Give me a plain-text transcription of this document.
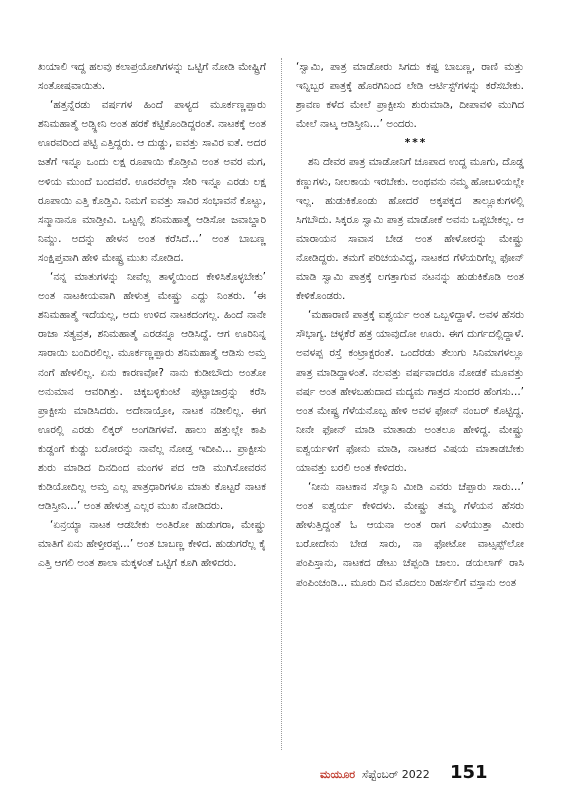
ಖಯಾಲಿ ಇದ್ದ ಹಲವು ಕಲಾಪ್ರಯೋಗಿಗಳನ್ನು ಒಟ್ಟಿಗೆ ನೋಡಿ ಮೇಷ್ಟ್ರಿಗೆ ಸಂತೋಷವಾಯಿತು.

‘ಹತ್ತನ್ನೆರಡು ವರ್ಷಗಳ ಹಿಂದೆ ಪಾಳ್ಯದ ಮೂರ್ಕಣ್ಣಪ್ಪಾರು ಶನಿಮಹಾತ್ಮೆ ಅಡ್ಸ್ದೀನಿ ಅಂತ ಹರಕೆ ಕಟ್ಟಿಕೊಂಡಿದ್ದರಂತೆ. ನಾಟಕಕ್ಕೆ ಅಂತ ಊರವರಿಂದ ಪಟ್ಟಿ ಎತ್ತಿದ್ದರು. ಆ ದುಡ್ಡು, ಐವತ್ತು ಸಾವಿರ ಐತೆ. ಅದರ ಜತೆಗೆ ಇನ್ನೂ ಒಂದು ಲಕ್ಷ ರೂಪಾಯಿ ಕೊಡ್ತೀವಿ ಅಂತ ಅವರ ಮಗ, ಅಳಿಯ ಮುಂದೆ ಬಂದವರೆ. ಊರವರೆಲ್ಲಾ ಸೇರಿ ಇನ್ನೂ ಎರಡು ಲಕ್ಷ ರೂಪಾಯಿ ಎತ್ತಿ ಕೊಡ್ತಿವಿ. ನಿಮಗೆ ಐವತ್ತು ಸಾವಿರ ಸಂಭಾವನೆ ಕೊಟ್ಟು, ಸನ್ಮಾನಾನೂ ಮಾಡ್ತೀವಿ. ಒಟ್ಟಲ್ಲಿ ಶನಿಮಹಾತ್ಮೆ ಆಡಿಸೋ ಜವಾಬ್ದಾರಿ ನಿಮ್ದು. ಅದನ್ನು ಹೇಳನ ಅಂತ ಕರೆಸಿದೆ...’ ಅಂತ ಬಾಬಣ್ಣ ಸಂಕ್ಷಿಪ್ತವಾಗಿ ಹೇಳಿ ಮೇಷ್ಟ್ರ ಮುಖ ನೋಡಿದ.

‘ನನ್ನ ಮಾತುಗಳನ್ನು ನೀವೆಲ್ಲ ತಾಳ್ಮೆಯಿಂದ ಕೇಳಿಸಿಕೊಳ್ಳಬೇಕು’ ಅಂತ ನಾಟಕೀಯವಾಗಿ ಹೇಳುತ್ತ ಮೇಷ್ಟ್ರು ಎದ್ದು ನಿಂತರು. ‘ಈ ಶನಿಮಹಾತ್ಮೆ ಇದೆಯಲ್ಲ, ಅದು ಉಳಿದ ನಾಟಕದಂಗಲ್ಲ. ಹಿಂದೆ ನಾನೇ ರಾಜಾ ಸತ್ಯವ್ರತ, ಶನಿಮಹಾತ್ಮೆ ಎರಡನ್ನೂ ಆಡಿಸಿದ್ದೆ. ಆಗ ಊರಿನಿನ್ನ ಸಾರಾಯಿ ಬಂದಿರಲಿಲ್ಲ. ಮೂರ್ಕಣ್ಣಪ್ಪಾರು ಶನಿಮಹಾತ್ಮೆ ಆಡಿಸು ಅಮ್ತ ನಂಗೆ ಹೇಳಲಿಲ್ಲ. ಏನು ಕಾರಣವೋ? ನಾನು ಕುಡೀಬೌದು ಅಂತೋ ಅನುಮಾನ ಆವರಿಗಿತ್ತು. ಚಿಕ್ಕಬಳ್ಳಿಕುಂಟೆ ಪುಟ್ಟಾಚಾರ್ರನ್ನು ಕರೆಸಿ ಪ್ರಾಕ್ಟೀಸು ಮಾಡಿಸಿದರು. ಅದೇನಾಯ್ತೋ, ನಾಟಕ ನಡೀಲಿಲ್ಲ. ಈಗ ಊರಲ್ಲಿ ಎರಡು ಲಿಕ್ಕರ್ ಅಂಗಡಿಗಳವೆ. ಹಾಲು ಹತ್ತುಲ್ಲೇ ಕಾಪಿ ಕುಡ್ದಂಗೆ ಕುಡ್ದು ಬರೋರನ್ನು ನಾವೆಲ್ಲ ನೋಡ್ತ ಇದೀವಿ... ಪ್ರಾಕ್ಟೀಸು ಶುರು ಮಾಡಿದ ದಿನದಿಂದ ಮಂಗಳ ಪದ ಆಡಿ ಮುಗಿಸೋವರನ ಕುಡಿಯೋದಿಲ್ಲ ಅಮ್ತ ಎಲ್ಲ ಪಾತ್ರಧಾರಿಗಳೂ ಮಾತು ಕೊಟ್ಟರೆ ನಾಟಕ ಆಡಿಸ್ತೀನಿ...’ ಅಂತ ಹೇಳುತ್ತ ಎಲ್ಲರ ಮುಖ ನೋಡಿದರು.

‘ಏನ್ರಯ್ಯಾ ನಾಟಕ ಆಡಬೇಕು ಅಂತಿರೋ ಹುಡುಗರಾ, ಮೇಷ್ಟ್ರು ಮಾತಿಗೆ ಏನು ಹೇಳ್ತೀರಪ್ಪ...’ ಅಂತ ಬಾಬಣ್ಣ ಕೇಳಿದ. ಹುಡುಗರೆಲ್ಲ ಕೈ ಎತ್ತಿ ಆಗಲಿ ಅಂತ ಶಾಲಾ ಮಕ್ಕಳಂತೆ ಒಟ್ಟಿಗೆ ಕೂಗಿ ಹೇಳಿದರು.

‘ಸ್ವಾಮಿ, ಪಾತ್ರ ಮಾಡೋರು ಸಿಗದು ಕಷ್ಟ ಬಾಬಣ್ಣ, ರಾಣಿ ಮತ್ತು ಇನ್ನಿಬ್ಬರ ಪಾತ್ರಕ್ಕೆ ಹೊರಗಿನಿಂದ ಲೇಡಿ ಆರ್ಟಿಸ್ಟ್‌ಗಳನ್ನು ಕರೆಸಬೇಕು. ಶ್ರಾವಣ ಕಳೆದ ಮೇಲೆ ಪ್ರಾಕ್ಟೀಸು ಶುರುಮಾಡಿ, ದೀಪಾವಳಿ ಮುಗಿದ ಮೇಲೆ ನಾಟ್ಕ ಆಡಿಸ್ತೀನಿ...’ ಅಂದರು.

***

ಶನಿ ದೇವರ ಪಾತ್ರ ಮಾಡೋನಿಗೆ ಚೂಪಾದ ಉದ್ದ ಮೂಗು, ದೊಡ್ಡ ಕಣ್ಣುಗಳು, ನೀಲಕಾಯ ಇರಬೇಕು. ಅಂಥವನು ನಮ್ಮ ಹೋಬಳಿಯಲ್ಲೇ ಇಲ್ಲ. ಹುಡುಕಿಕೊಂಡು ಹೋದರೆ ಅಕ್ಕಪಕ್ಕದ ತಾಲ್ಲೂಕುಗಳಲ್ಲಿ ಸಿಗಬೌದು. ಸಿಕ್ಕರೂ ಸ್ವಾಮಿ ಪಾತ್ರ ಮಾಡೋಕೆ ಅವನು ಒಪ್ಪಬೇಕಲ್ಲ. ಆ ಮಾರಾಯನ ಸಾವಾಸ ಬೇಡ ಅಂತ ಹೇಳೋರನ್ನು ಮೇಷ್ಟ್ರು ನೋಡಿದ್ದರು. ತಮಗೆ ಪರಿಚಯವಿದ್ದ, ನಾಟಕದ ಗೆಳೆಯರಿಗೆಲ್ಲ ಫೋನ್ ಮಾಡಿ ಸ್ವಾಮಿ ಪಾತ್ರಕ್ಕೆ ಲಗತ್ತಾಗುವ ನಟನನ್ನು ಹುಡುಕಿಕೊಡಿ ಅಂತ ಕೇಳಿಕೊಂಡರು.

‘ಮಹಾರಾಣಿ ಪಾತ್ರಕ್ಕೆ ಐಶ್ವರ್ಯ ಅಂತ ಒಬ್ಬಳಿದ್ದಾಳೆ. ಅವಳ ಹೆಸರು ಸೌಭಾಗ್ಯ. ಚಳ್ಳಕೆರೆ ಹತ್ರ ಯಾವುದೋ ಊರು. ಈಗ ದುರ್ಗದಲ್ಲಿದ್ದಾಳೆ. ಅವಳಪ್ಪ ರಸ್ತೆ ಕಂಟ್ರಾಕ್ಟರಂತೆ. ಒಂದೆರಡು ತೆಲುಗು ಸಿನಿಮಾಗಳಲ್ಲೂ ಪಾತ್ರ ಮಾಡಿದ್ದಾಳಂತೆ. ನಲವತ್ತು ವರ್ಷವಾದರೂ ನೋಡಕೆ ಮೂವತ್ತು ವರ್ಷ ಅಂತ ಹೇಳಬಹುದಾದ ಮದ್ಯಮ ಗಾತ್ರದ ಸುಂದರ ಹೆಂಗಸು...’ ಅಂತ ಮೇಷ್ಟ್ರ ಗೆಳೆಯನೊಬ್ಬ ಹೇಳಿ ಅವಳ ಫೋನ್ ನಂಬರ್ ಕೊಟ್ಟಿದ್ದ. ನೀನೇ ಫೋನ್ ಮಾಡಿ ಮಾತಾಡು ಅಂತಲೂ ಹೇಳಿದ್ದ. ಮೇಷ್ಟ್ರು ಐಶ್ವರ್ಯಳಿಗೆ ಫೋನು ಮಾಡಿ, ನಾಟಕದ ವಿಷಯ ಮಾತಾಡಬೇಕು ಯಾವತ್ತು ಬರಲಿ ಅಂತ ಕೇಳಿದರು.

‘ನೀನು ನಾಟಕಾನ ಸೆಲ್ವಾನಿ ಮೀಡಿ ಎವರು ಚೆಪ್ಪಾರು ಸಾರು...’ ಅಂತ ಐಶ್ವರ್ಯ ಕೇಳಿದಳು. ಮೇಷ್ಟ್ರು ತಮ್ಮ ಗೆಳೆಯನ ಹೆಸರು ಹೇಳುತ್ತಿದ್ದಂತೆ ಓ ಆಯನಾ ಅಂತ ರಾಗ ಎಳೆಯುತ್ತಾ ಮೀರು ಬರೋದೇನು ಬೇಡ ಸಾರು, ನಾ ಫೋಟೋ ವಾಟ್ಸಪ್ಪ್‌ಲೋ ಪಂಪಿಸ್ತಾನು, ನಾಟಕದ ಡೇಟು ಚೆಪ್ಪಂಡಿ ಚಾಲು. ಡಯಲಾಗ್ ರಾಸಿ ಪಂಪಿಂಚಂಡಿ... ಮೂರು ದಿನ ಮೊದಲು ರಿಹರ್ಸಲಿಗೆ ವಸ್ತಾನು ಅಂತ

ಮಯೂರ ಸೆಪ್ಟೆಂಬರ್ 2022 151
